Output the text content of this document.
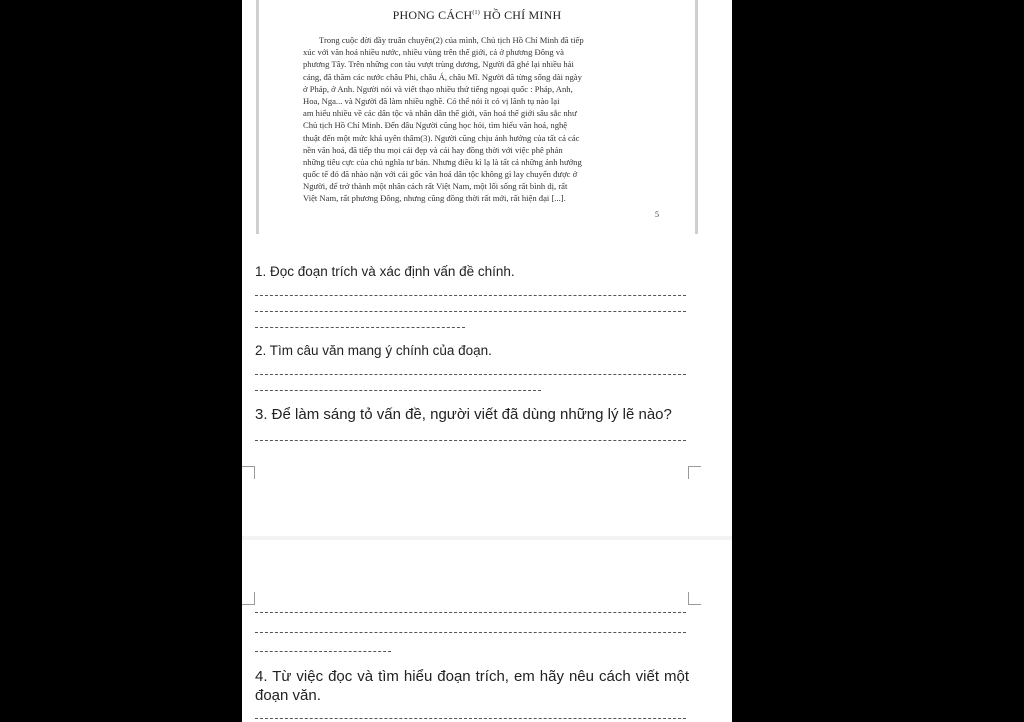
PHONG CÁCH$^{(1)}$ HỒ CHÍ MINH
Trong cuộc đời đầy truân chuyên(2) của mình, Chủ tịch Hồ Chí Minh đã tiếp
xúc với văn hoá nhiều nước, nhiều vùng trên thế giới, cả ở phương Đông và
phương Tây. Trên những con tàu vượt trùng dương, Người đã ghé lại nhiều hải
cảng, đã thăm các nước châu Phi, châu Á, châu Mĩ. Người đã từng sống dài ngày
ở Pháp, ở Anh. Người nói và viết thạo nhiều thứ tiếng ngoại quốc : Pháp, Anh,
Hoa, Nga... và Người đã làm nhiều nghề. Có thể nói ít có vị lãnh tụ nào lại
am hiểu nhiều về các dân tộc và nhân dân thế giới, văn hoá thế giới sâu sắc như
Chủ tịch Hồ Chí Minh. Đến đâu Người cũng học hỏi, tìm hiểu văn hoá, nghệ
thuật đến một mức khá uyên thâm(3). Người cũng chịu ảnh hưởng của tất cả các
nền văn hoá, đã tiếp thu mọi cái đẹp và cái hay đồng thời với việc phê phán
những tiêu cực của chủ nghĩa tư bản. Nhưng điều kì lạ là tất cả những ảnh hưởng
quốc tế đó đã nhào nặn với cái gốc văn hoá dân tộc không gì lay chuyển được ở
Người, để trở thành một nhân cách rất Việt Nam, một lối sống rất bình dị, rất
Việt Nam, rất phương Đông, nhưng cũng đồng thời rất mới, rất hiện đại [...].
5
1. Đọc đoạn trích và xác định vấn đề chính.
2. Tìm câu văn mang ý chính của đoạn.
3. Để làm sáng tỏ vấn đề, người viết đã dùng những lý lẽ nào?
4. Từ việc đọc và tìm hiểu đoạn trích, em hãy nêu cách viết một đoạn văn.
